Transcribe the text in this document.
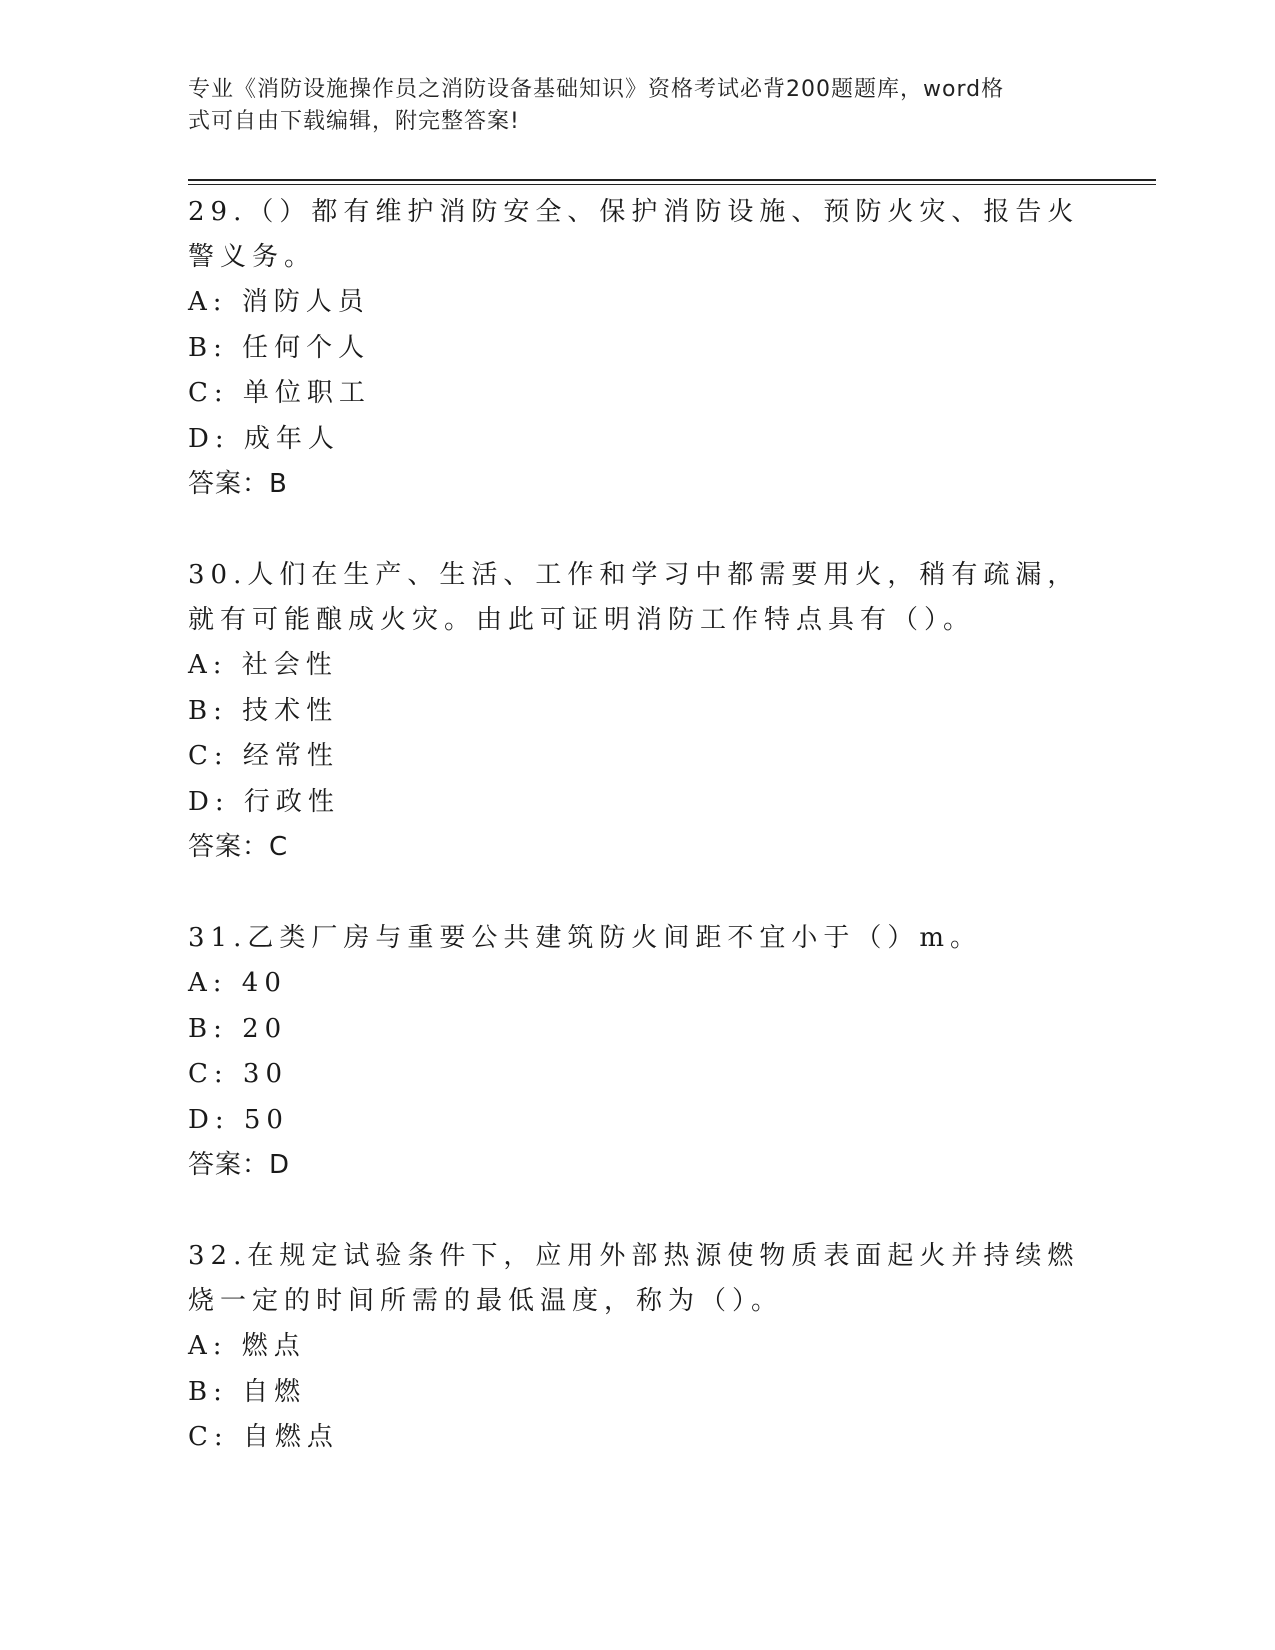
专业《消防设施操作员之消防设备基础知识》资格考试必背200题题库，word格
式可自由下载编辑，附完整答案!
29.（）都有维护消防安全、保护消防设施、预防火灾、报告火警义务。
A: 消防人员
B: 任何个人
C: 单位职工
D: 成年人
答案：B
30.人们在生产、生活、工作和学习中都需要用火，稍有疏漏，就有可能酿成火灾。由此可证明消防工作特点具有（）。
A: 社会性
B: 技术性
C: 经常性
D: 行政性
答案：C
31.乙类厂房与重要公共建筑防火间距不宜小于（）m。
A: 40
B: 20
C: 30
D: 50
答案：D
32.在规定试验条件下，应用外部热源使物质表面起火并持续燃烧一定的时间所需的最低温度，称为（）。
A: 燃点
B: 自燃
C: 自燃点
